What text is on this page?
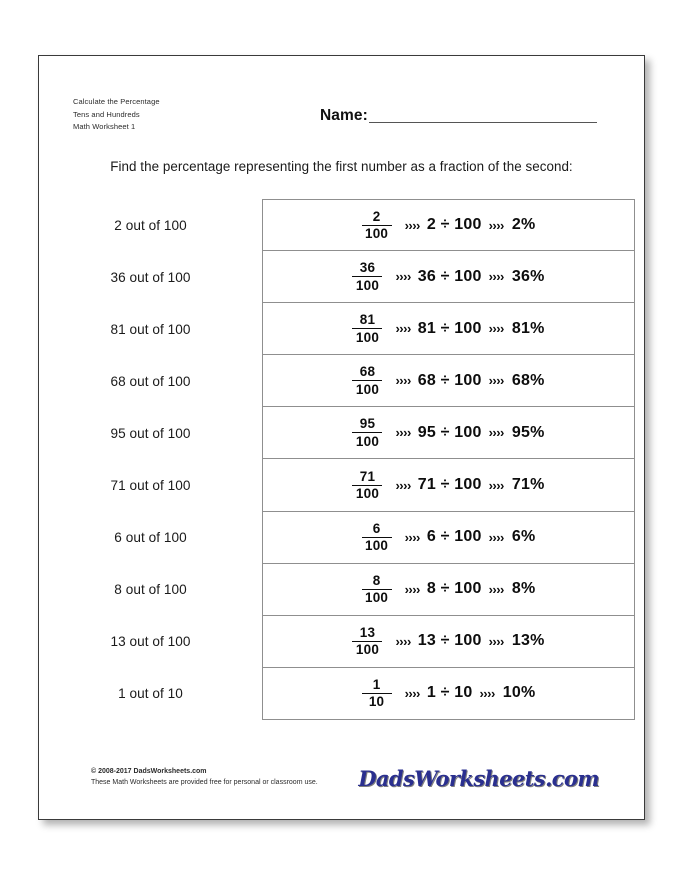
Calculate the Percentage
Tens and Hundreds
Math Worksheet 1
Name:
Find the percentage representing the first number as a fraction of the second:
2 out of 100	$\frac{2}{100}$	›››› 2 ÷ 100 ›››› 2%
36 out of 100	$\frac{36}{100}$	›››› 36 ÷ 100 ›››› 36%
81 out of 100	$\frac{81}{100}$	›››› 81 ÷ 100 ›››› 81%
68 out of 100	$\frac{68}{100}$	›››› 68 ÷ 100 ›››› 68%
95 out of 100	$\frac{95}{100}$	›››› 95 ÷ 100 ›››› 95%
71 out of 100	$\frac{71}{100}$	›››› 71 ÷ 100 ›››› 71%
6 out of 100	$\frac{6}{100}$	›››› 6 ÷ 100 ›››› 6%
8 out of 100	$\frac{8}{100}$	›››› 8 ÷ 100 ›››› 8%
13 out of 100	$\frac{13}{100}$	›››› 13 ÷ 100 ›››› 13%
1 out of 10	$\frac{1}{10}$	›››› 1 ÷ 10 ›››› 10%
© 2008-2017 DadsWorksheets.com
These Math Worksheets are provided free for personal or classroom use. DadsWorksheets.com
